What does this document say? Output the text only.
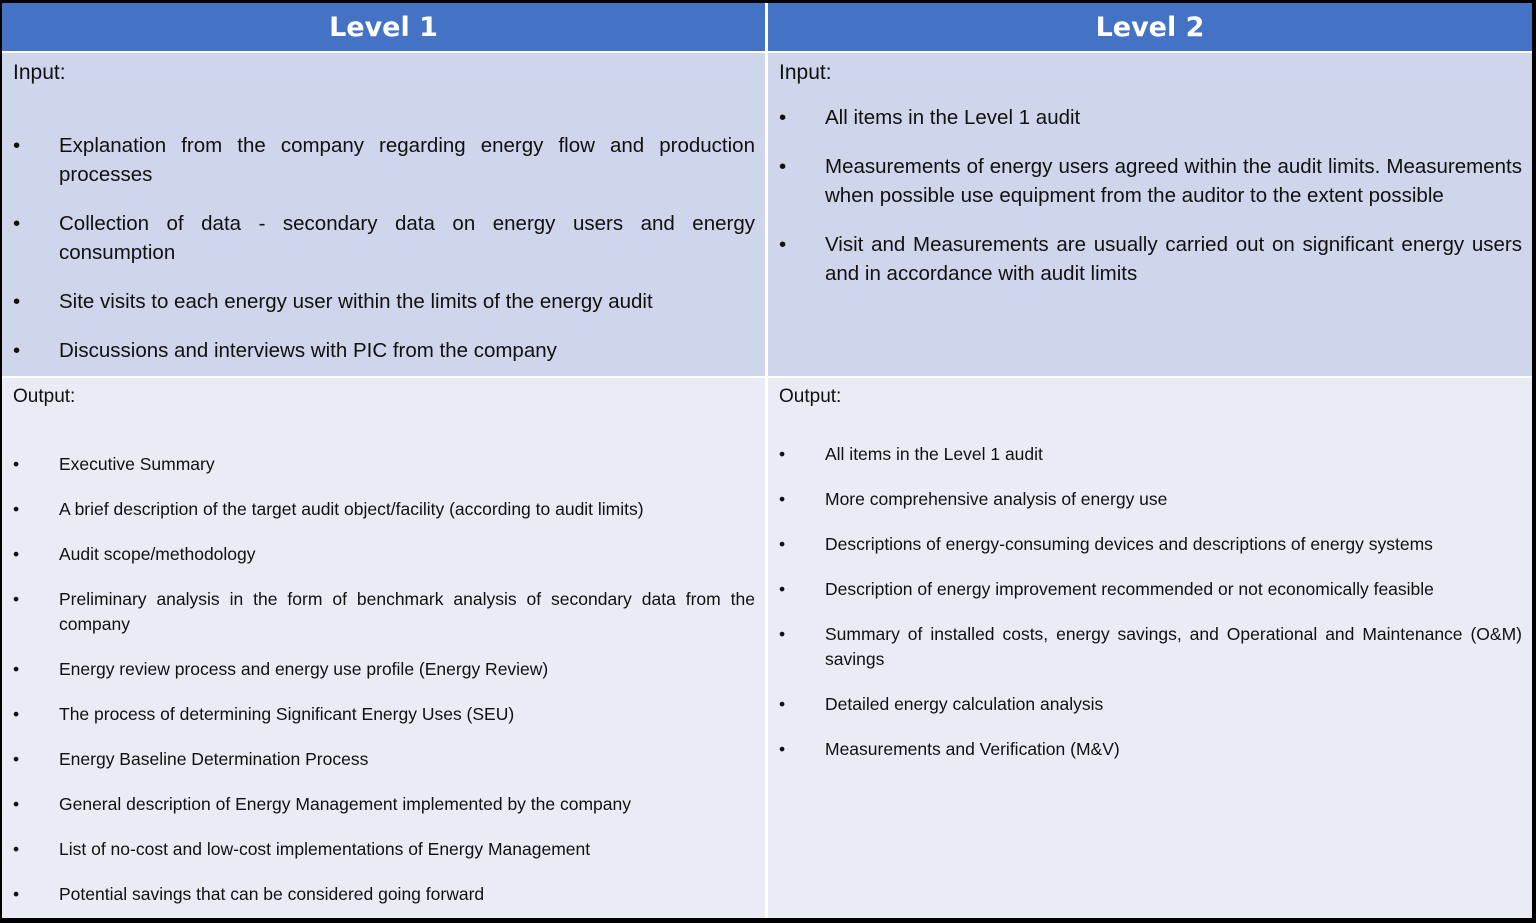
Level 1	Level 2
Input:
• Explanation from the company regarding energy flow and production processes
• Collection of data - secondary data on energy users and energy consumption
• Site visits to each energy user within the limits of the energy audit
• Discussions and interviews with PIC from the company
Input:
• All items in the Level 1 audit
• Measurements of energy users agreed within the audit limits. Measurements when possible use equipment from the auditor to the extent possible
• Visit and Measurements are usually carried out on significant energy users and in accordance with audit limits
Output:
• Executive Summary
• A brief description of the target audit object/facility (according to audit limits)
• Audit scope/methodology
• Preliminary analysis in the form of benchmark analysis of secondary data from the company
• Energy review process and energy use profile (Energy Review)
• The process of determining Significant Energy Uses (SEU)
• Energy Baseline Determination Process
• General description of Energy Management implemented by the company
• List of no-cost and low-cost implementations of Energy Management
• Potential savings that can be considered going forward
Output:
• All items in the Level 1 audit
• More comprehensive analysis of energy use
• Descriptions of energy-consuming devices and descriptions of energy systems
• Description of energy improvement recommended or not economically feasible
• Summary of installed costs, energy savings, and Operational and Maintenance (O&M) savings
• Detailed energy calculation analysis
• Measurements and Verification (M&V)
